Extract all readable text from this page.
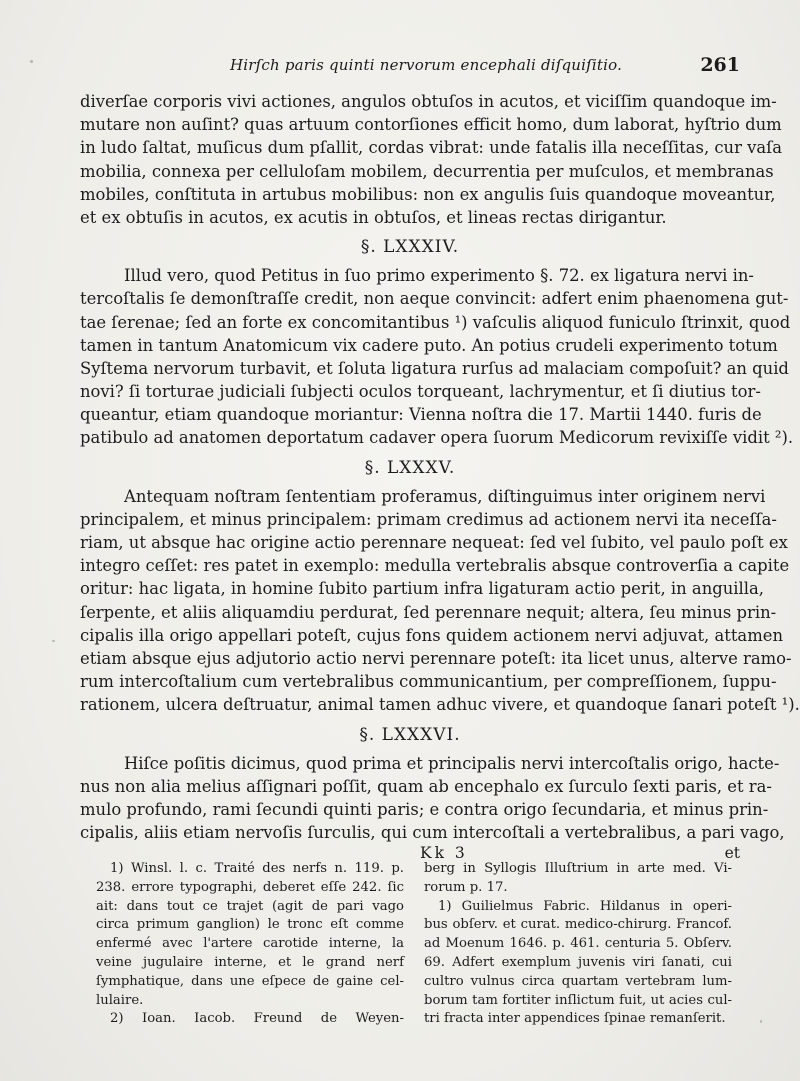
Hirſch paris quinti nervorum encephali diſquiſitio.	261
diverſae corporis vivi actiones, angulos obtuſos in acutos, et viciſſim quandoque im-
mutare non auſint? quas artuum contorſiones efficit homo, dum laborat, hyſtrio dum
in ludo ſaltat, muſicus dum pſallit, cordas vibrat: unde fatalis illa neceſſitas, cur vaſa
mobilia, connexa per celluloſam mobilem, decurrentia per muſculos, et membranas
mobiles, conſtituta in artubus mobilibus: non ex angulis ſuis quandoque moveantur,
et ex obtuſis in acutos, ex acutis in obtuſos, et lineas rectas dirigantur.
§. LXXXIV.
Illud vero, quod Petitus in ſuo primo experimento §. 72. ex ligatura nervi in-
tercoſtalis ſe demonſtraſſe credit, non aeque convincit: adfert enim phaenomena gut-
tae ſerenae; ſed an forte ex concomitantibus ¹) vaſculis aliquod funiculo ſtrinxit, quod
tamen in tantum Anatomicum vix cadere puto. An potius crudeli experimento totum
Syſtema nervorum turbavit, et ſoluta ligatura rurſus ad malaciam compoſuit? an quid
novi? ſi torturae judiciali ſubjecti oculos torqueant, lachrymentur, et ſi diutius tor-
queantur, etiam quandoque moriantur: Vienna noſtra die 17. Martii 1440. furis de
patibulo ad anatomen deportatum cadaver opera ſuorum Medicorum revixiſſe vidit ²).
§. LXXXV.
Antequam noſtram ſententiam proferamus, diſtinguimus inter originem nervi
principalem, et minus principalem: primam credimus ad actionem nervi ita neceſſa-
riam, ut absque hac origine actio perennare nequeat: ſed vel ſubito, vel paulo poſt ex
integro ceſſet: res patet in exemplo: medulla vertebralis absque controverſia a capite
oritur: hac ligata, in homine ſubito partium infra ligaturam actio perit, in anguilla,
ſerpente, et aliis aliquamdiu perdurat, ſed perennare nequit; altera, ſeu minus prin-
cipalis illa origo appellari poteſt, cujus fons quidem actionem nervi adjuvat, attamen
etiam absque ejus adjutorio actio nervi perennare poteſt: ita licet unus, alterve ramo-
rum intercoſtalium cum vertebralibus communicantium, per compreſſionem, ſuppu-
rationem, ulcera deſtruatur, animal tamen adhuc vivere, et quandoque ſanari poteſt ¹).
§. LXXXVI.
Hiſce poſitis dicimus, quod prima et principalis nervi intercoſtalis origo, hacte-
nus non alia melius aſſignari poſſit, quam ab encephalo ex ſurculo ſexti paris, et ra-
mulo profundo, rami ſecundi quinti paris; e contra origo ſecundaria, et minus prin-
cipalis, aliis etiam nervoſis ſurculis, qui cum intercoſtali a vertebralibus, a pari vago,
Kk 3	et
1) Winsl. l. c. Traité des nerfs n. 119. p.
238. errore typographi, deberet eſſe 242. ſic
ait: dans tout ce trajet (agit de pari vago
circa primum ganglion) le tronc eſt comme
enfermé avec l'artere carotide interne, la
veine jugulaire interne, et le grand nerf
ſymphatique, dans une eſpece de gaine cel-
lulaire.
2) Ioan. Iacob. Freund de Weyen-
berg in Syllogis Illuſtrium in arte med. Vi-
rorum p. 17.
1) Guilielmus Fabric. Hildanus in operi-
bus obſerv. et curat. medico-chirurg. Francof.
ad Moenum 1646. p. 461. centuria 5. Obſerv.
69. Adfert exemplum juvenis viri ſanati, cui
cultro vulnus circa quartam vertebram lum-
borum tam fortiter inſlictum fuit, ut acies cul-
tri fracta inter appendices ſpinae remanſerit.
